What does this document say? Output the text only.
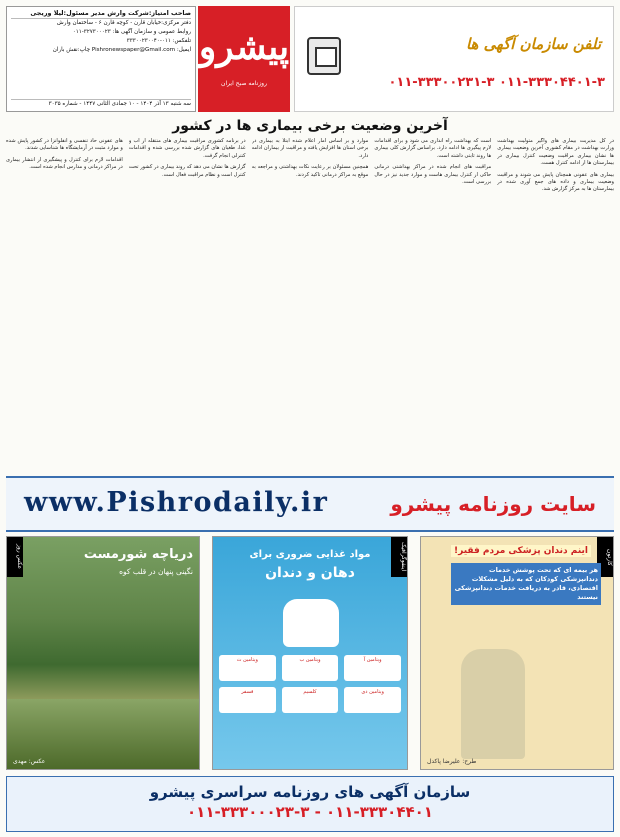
صاحب امتیاز:شرکت وارش مدیر مسئول:لیلا وریجی
دفتر مرکزی:خیابان قارن - کوچه قارن ۶ - ساختمان وارش
روابط عمومی و سازمان آگهی ها: ۳۲۷۳۰۰۰۲۳-۰۱۱
تلفکس: ۰۱۱-۳۳۳۰۰۲۳۰۰۴۰
ایمیل: Pishronewspaper@Gmail.com چاپ:نقش باران
سه شنبه ۱۳ آذر ۱۴۰۴ - ۱۰ جمادی الثانی ۱۴۴۷ - شماره ۳۰۳۵
پیشرو
روزنامه صبح ایران
تلفن سازمان آگهی ها
۰۱۱-۳۳۳۰۰۲۳۱-۳ ۰۱۱-۳۳۳۰۴۴۰۱-۳
آخرین وضعیت برخی بیماری ها در کشور

در کل مدیریت بیماری های واگیر متولیت بهداشت وزارت بهداشت در مقام کشوری آخرین وضعیت بیماری ها نشان بیماری مراقبت وضعیت کنترل بیماری در بیمارستان ها از ادامه کنترل هست.

بیماری های عفونی همچنان پایش می شوند و مراقبت وضعیت بیماری و داده های جمع آوری شده در بیمارستان ها به مرکز گزارش شد.

است که بهداشت راه اندازی می شود و برای اقدامات لازم پیگیری ها ادامه دارد. براساس گزارش کلی بیماری ها روند ثابتی داشته است.

مراقبت های انجام شده در مراکز بهداشتی درمانی حاکی از کنترل بیماری هاست و موارد جدید نیز در حال بررسی است.

موارد و بر اساس آمار اعلام شده ابتلا به بیماری در برخی استان ها افزایش یافته و مراقبت از بیماران ادامه دارد.

همچنین مسئولان بر رعایت نکات بهداشتی و مراجعه به موقع به مراکز درمانی تاکید کردند.

در برنامه کشوری مراقبت بیماری های منتقله از آب و غذا، طغیان های گزارش شده بررسی شده و اقدامات کنترلی انجام گرفت.

گزارش ها نشان می دهد که روند بیماری در کشور تحت کنترل است و نظام مراقبت فعال است.

های عفونی حاد تنفسی و آنفلوانزا در کشور پایش شده و موارد مثبت در آزمایشگاه ها شناسایی شدند.

اقدامات لازم برای کنترل و پیشگیری از انتشار بیماری در مراکز درمانی و مدارس انجام شده است.

www.Pishrodaily.ir	سایت روزنامه پیشرو
عکس روز	دریاچه شورمست
نگینی پنهان در قلب کوه
عکس: مهدی
اینفوگرافیک
مواد غذایی ضروری برای
دهان و دندان
ویتامین آ
ویتامین ب
ویتامین ث
ویتامین دی
کلسیم
فسفر
کارتون
اینم دندان پزشکی مردم فقیر!
هر بیمه ای که تحت پوشش خدمات دندانپزشکی کودکان که به دلیل مشکلات اقتصادی، قادر به دریافت خدمات دندانپزشکی نیستند
طرح: علیرضا پاکدل
سازمان آگهی های روزنامه سراسری پیشرو
۰۱۱-۳۳۳۰۰۰۲۳-۳ - ۰۱۱-۳۳۳۰۴۴۰۱
